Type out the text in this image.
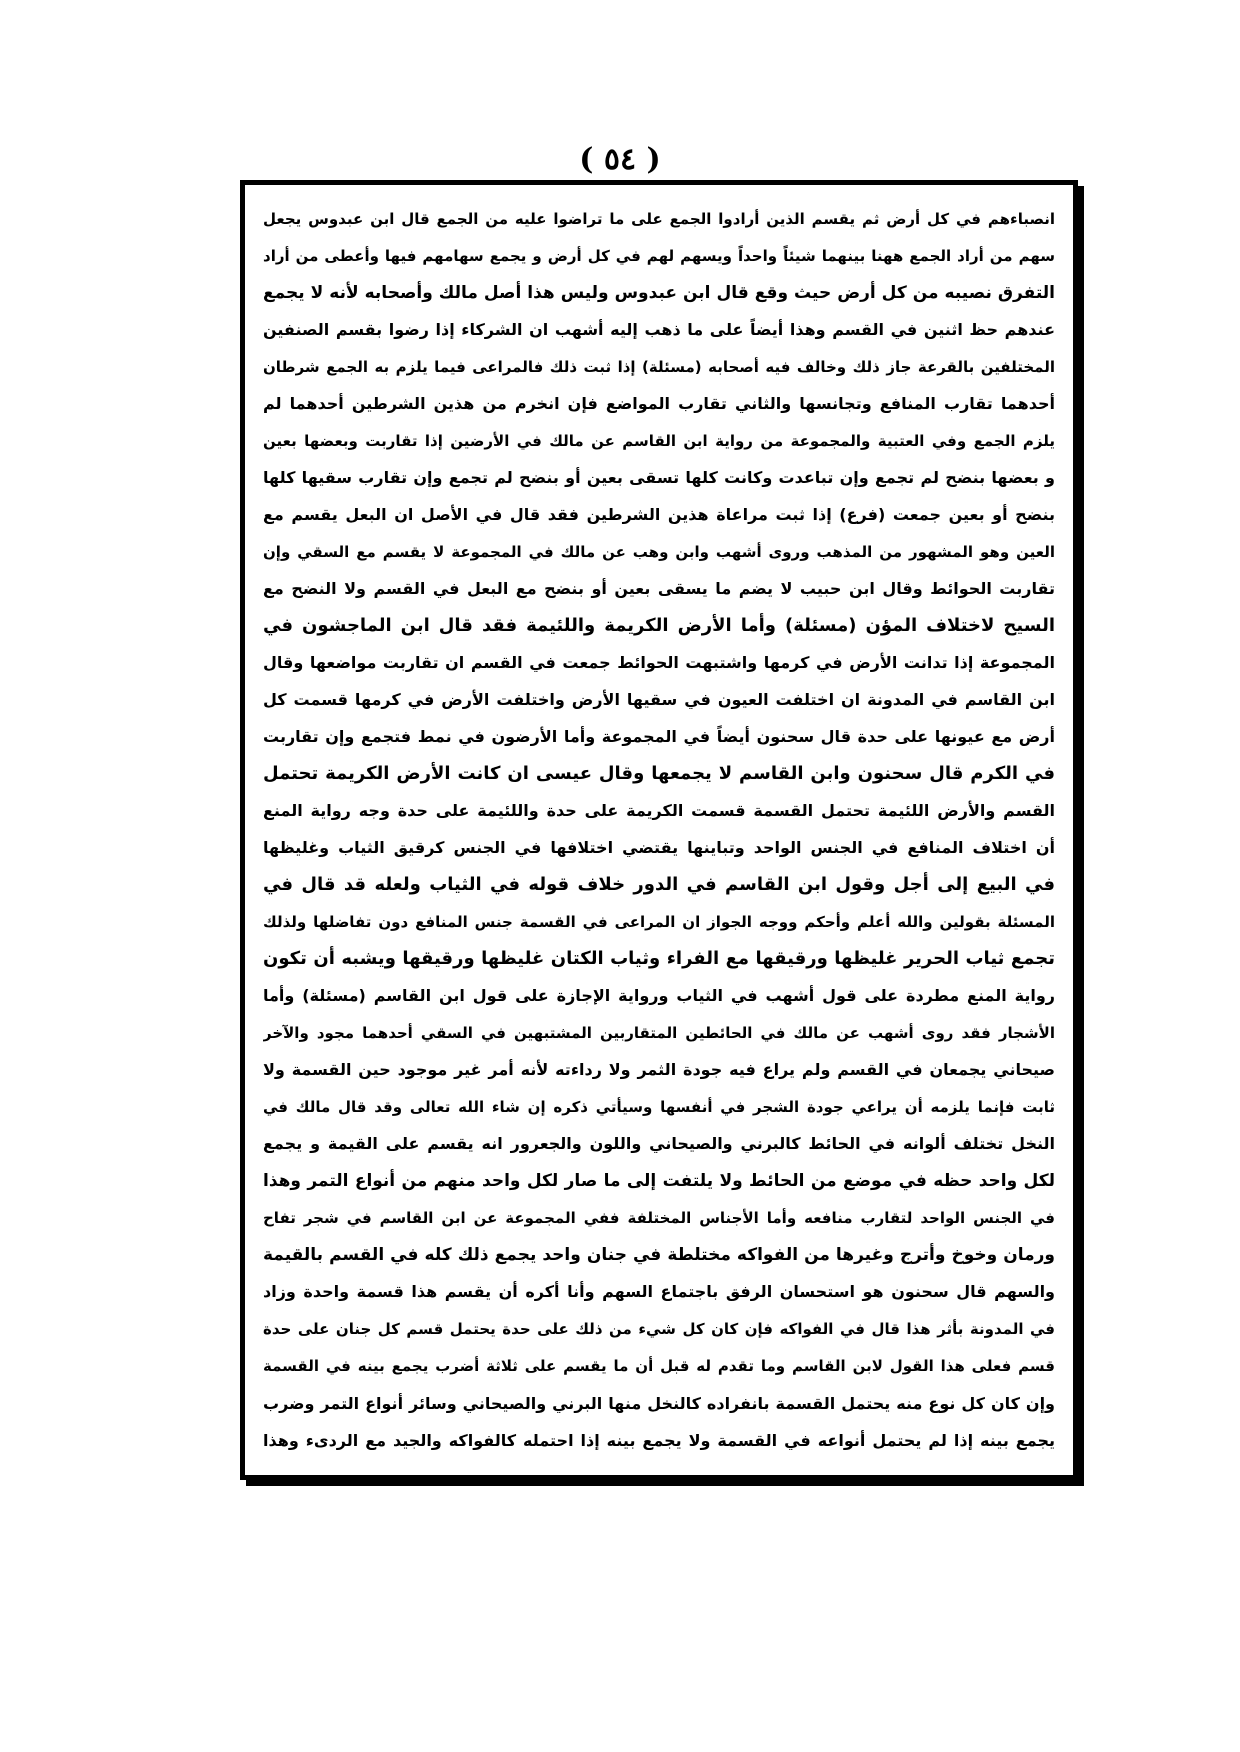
( ٥٤ )
انصباءهم في كل أرض ثم يقسم الذين أرادوا الجمع على ما تراضوا عليه من الجمع قال ابن عبدوس يجعل
سهم من أراد الجمع ههنا بينهما شيئاً واحداً ويسهم لهم في كل أرض و يجمع سهامهم فيها وأعطى من أراد
التفرق نصيبه من كل أرض حيث وقع قال ابن عبدوس وليس هذا أصل مالك وأصحابه لأنه لا يجمع
عندهم حظ اثنين في القسم وهذا أيضاً على ما ذهب إليه أشهب ان الشركاء إذا رضوا بقسم الصنفين
المختلفين بالقرعة جاز ذلك وخالف فيه أصحابه (مسئلة) إذا ثبت ذلك فالمراعى فيما يلزم به الجمع شرطان
أحدهما تقارب المنافع وتجانسها والثاني تقارب المواضع فإن انخرم من هذين الشرطين أحدهما لم
يلزم الجمع وفي العتبية والمجموعة من رواية ابن القاسم عن مالك في الأرضين إذا تقاربت وبعضها بعين
و بعضها بنضح لم تجمع وإن تباعدت وكانت كلها تسقى بعين أو بنضح لم تجمع وإن تقارب سقيها كلها
بنضح أو بعين جمعت (فرع) إذا ثبت مراعاة هذين الشرطين فقد قال في الأصل ان البعل يقسم مع
العين وهو المشهور من المذهب وروى أشهب وابن وهب عن مالك في المجموعة لا يقسم مع السقي وإن
تقاربت الحوائط وقال ابن حبيب لا يضم ما يسقى بعين أو بنضح مع البعل في القسم ولا النضح مع
السيح لاختلاف المؤن (مسئلة) وأما الأرض الكريمة واللئيمة فقد قال ابن الماجشون في
المجموعة إذا تدانت الأرض في كرمها واشتبهت الحوائط جمعت في القسم ان تقاربت مواضعها وقال
ابن القاسم في المدونة ان اختلفت العيون في سقيها الأرض واختلفت الأرض في كرمها قسمت كل
أرض مع عيونها على حدة قال سحنون أيضاً في المجموعة وأما الأرضون في نمط فتجمع وإن تقاربت
في الكرم قال سحنون وابن القاسم لا يجمعها وقال عيسى ان كانت الأرض الكريمة تحتمل
القسم والأرض اللئيمة تحتمل القسمة قسمت الكريمة على حدة واللئيمة على حدة وجه رواية المنع
أن اختلاف المنافع في الجنس الواحد وتباينها يقتضي اختلافها في الجنس كرقيق الثياب وغليظها
في البيع إلى أجل وقول ابن القاسم في الدور خلاف قوله في الثياب ولعله قد قال في
المسئلة بقولين والله أعلم وأحكم ووجه الجواز ان المراعى في القسمة جنس المنافع دون تفاضلها ولذلك
تجمع ثياب الحرير غليظها ورقيقها مع الفراء وثياب الكتان غليظها ورقيقها ويشبه أن تكون
رواية المنع مطردة على قول أشهب في الثياب ورواية الإجازة على قول ابن القاسم (مسئلة) وأما
الأشجار فقد روى أشهب عن مالك في الحائطين المتقاربين المشتبهين في السقي أحدهما مجود والآخر
صيحاني يجمعان في القسم ولم يراع فيه جودة الثمر ولا رداءته لأنه أمر غير موجود حين القسمة ولا
ثابت فإنما يلزمه أن يراعي جودة الشجر في أنفسها وسيأتي ذكره إن شاء الله تعالى وقد قال مالك في
النخل تختلف ألوانه في الحائط كالبرني والصيحاني واللون والجعرور انه يقسم على القيمة و يجمع
لكل واحد حظه في موضع من الحائط ولا يلتفت إلى ما صار لكل واحد منهم من أنواع التمر وهذا
في الجنس الواحد لتقارب منافعه وأما الأجناس المختلفة ففي المجموعة عن ابن القاسم في شجر تفاح
ورمان وخوخ وأترج وغيرها من الفواكه مختلطة في جنان واحد يجمع ذلك كله في القسم بالقيمة
والسهم قال سحنون هو استحسان الرفق باجتماع السهم وأنا أكره أن يقسم هذا قسمة واحدة وزاد
في المدونة بأثر هذا قال في الفواكه فإن كان كل شيء من ذلك على حدة يحتمل قسم كل جنان على حدة
قسم فعلى هذا القول لابن القاسم وما تقدم له قبل أن ما يقسم على ثلاثة أضرب يجمع بينه في القسمة
وإن كان كل نوع منه يحتمل القسمة بانفراده كالنخل منها البرني والصيحاني وسائر أنواع التمر وضرب
يجمع بينه إذا لم يحتمل أنواعه في القسمة ولا يجمع بينه إذا احتمله كالفواكه والجيد مع الردىء وهذا
